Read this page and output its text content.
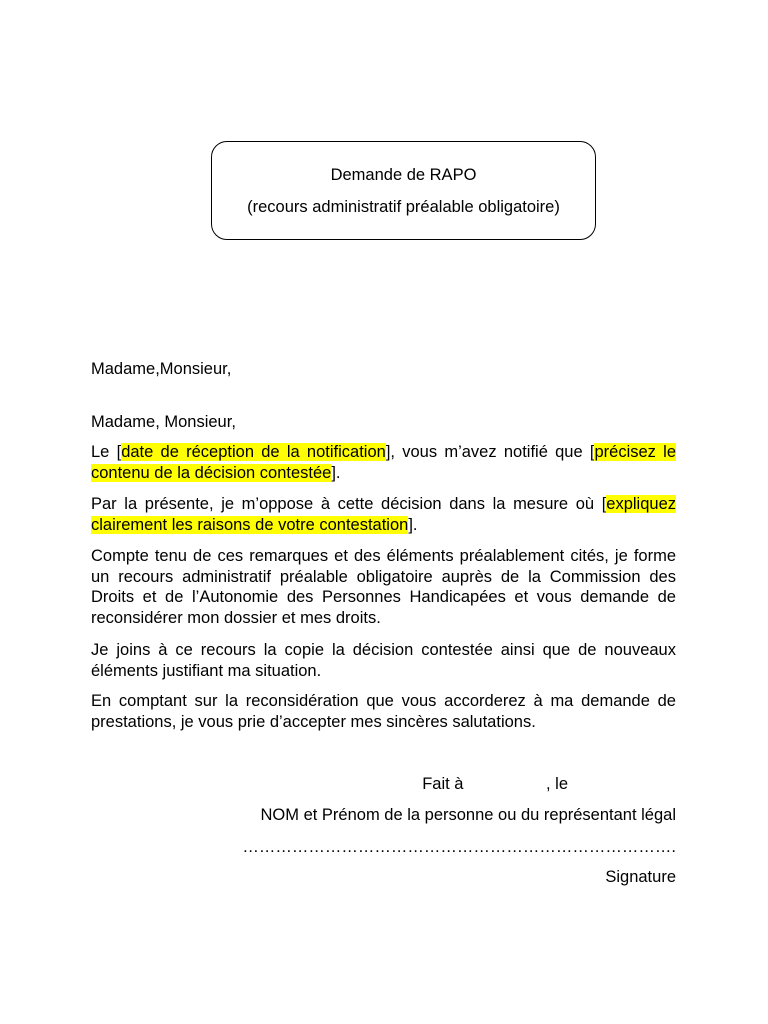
Demande de RAPO
(recours administratif préalable obligatoire)
Madame,Monsieur,
Madame, Monsieur,
Le [date de réception de la notification], vous m’avez notifié que [précisez le contenu de la décision contestée].
Par la présente, je m’oppose à cette décision dans la mesure où [expliquez clairement les raisons de votre contestation].
Compte tenu de ces remarques et des éléments préalablement cités, je forme un recours administratif préalable obligatoire auprès de la Commission des Droits et de l’Autonomie des Personnes Handicapées et vous demande de reconsidérer mon dossier et mes droits.
Je joins à ce recours la copie la décision contestée ainsi que de nouveaux éléments justifiant ma situation.
En comptant sur la reconsidération que vous accorderez à ma demande de prestations, je vous prie d’accepter mes sincères salutations.
Fait à                  , le
NOM et Prénom de la personne ou du représentant légal
…………………………………………………………………….
Signature
